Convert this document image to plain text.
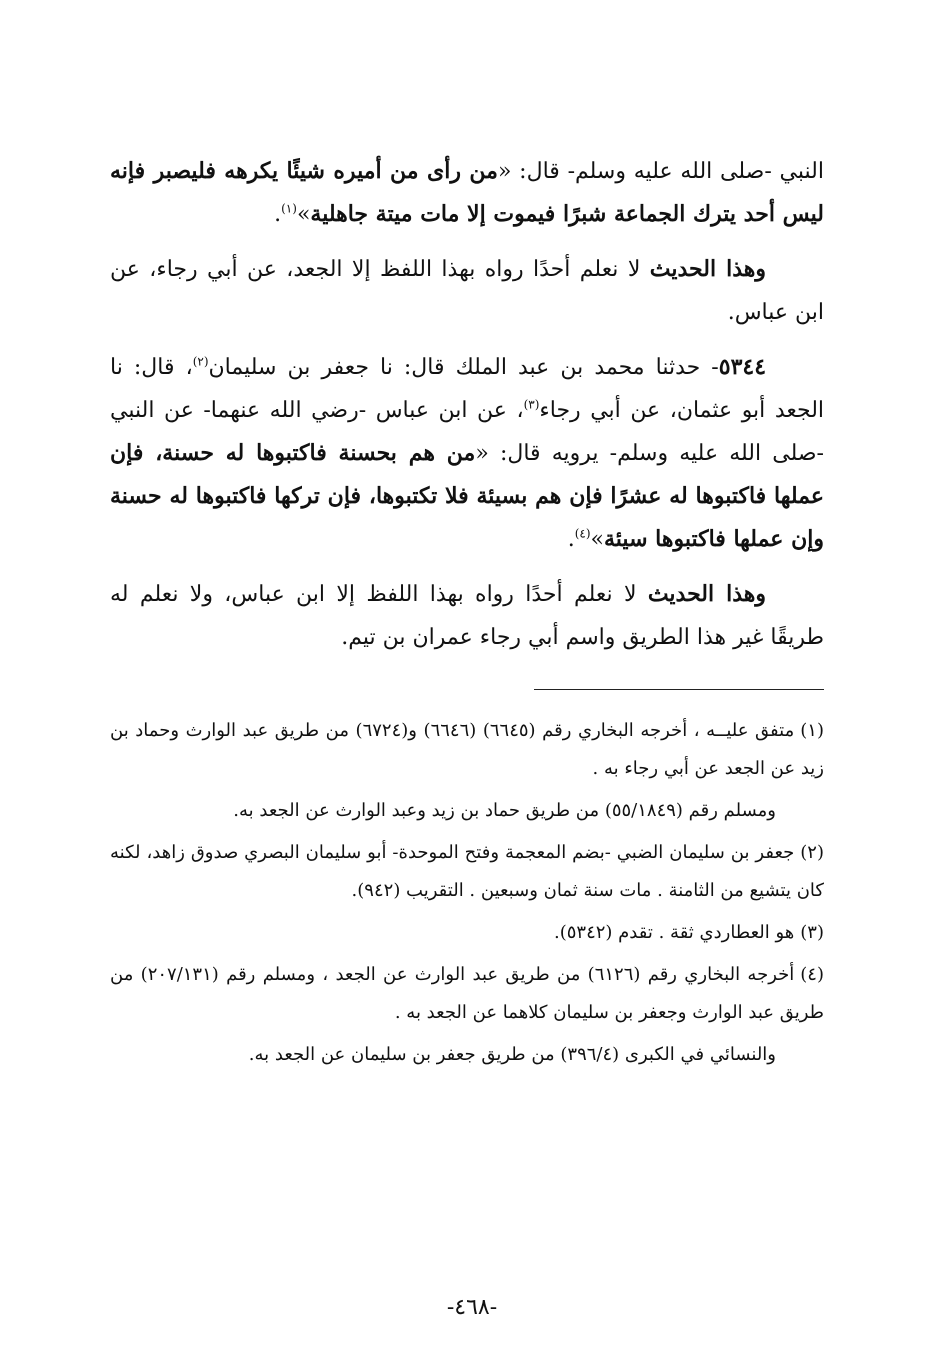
النبي -صلى الله عليه وسلم- قال: «من رأى من أميره شيئًا يكرهه فليصبر فإنه ليس أحد يترك الجماعة شبرًا فيموت إلا مات ميتة جاهلية»$^{(١)}$.

وهذا الحديث لا نعلم أحدًا رواه بهذا اللفظ إلا الجعد، عن أبي رجاء، عن ابن عباس.

٥٣٤٤- حدثنا محمد بن عبد الملك قال: نا جعفر بن سليمان$^{(٢)}$، قال: نا الجعد أبو عثمان، عن أبي رجاء$^{(٣)}$، عن ابن عباس -رضي الله عنهما- عن النبي -صلى الله عليه وسلم- يرويه قال: «من هم بحسنة فاكتبوها له حسنة، فإن عملها فاكتبوها له عشرًا فإن هم بسيئة فلا تكتبوها، فإن تركها فاكتبوها له حسنة وإن عملها فاكتبوها سيئة»$^{(٤)}$.

وهذا الحديث لا نعلم أحدًا رواه بهذا اللفظ إلا ابن عباس، ولا نعلم له طريقًا غير هذا الطريق واسم أبي رجاء عمران بن تيم.

(١)متفق عليــه ، أخرجه البخاري رقم (٦٦٤٥) (٦٦٤٦) و(٦٧٢٤) من طريق عبد الوارث وحماد بن زيد عن الجعد عن أبي رجاء به .

ومسلم رقم (٥٥/١٨٤٩) من طريق حماد بن زيد وعبد الوارث عن الجعد به.

(٢)جعفر بن سليمان الضبي -بضم المعجمة وفتح الموحدة- أبو سليمان البصري صدوق زاهد، لكنه كان يتشيع من الثامنة . مات سنة ثمان وسبعين . التقريب (٩٤٢).

(٣)هو العطاردي ثقة . تقدم (٥٣٤٢).

(٤)أخرجه البخاري رقم (٦١٢٦) من طريق عبد الوارث عن الجعد ، ومسلم رقم (٢٠٧/١٣١) من طريق عبد الوارث وجعفر بن سليمان كلاهما عن الجعد به .

والنسائي في الكبرى (٣٩٦/٤) من طريق جعفر بن سليمان عن الجعد به.

-٤٦٨-
